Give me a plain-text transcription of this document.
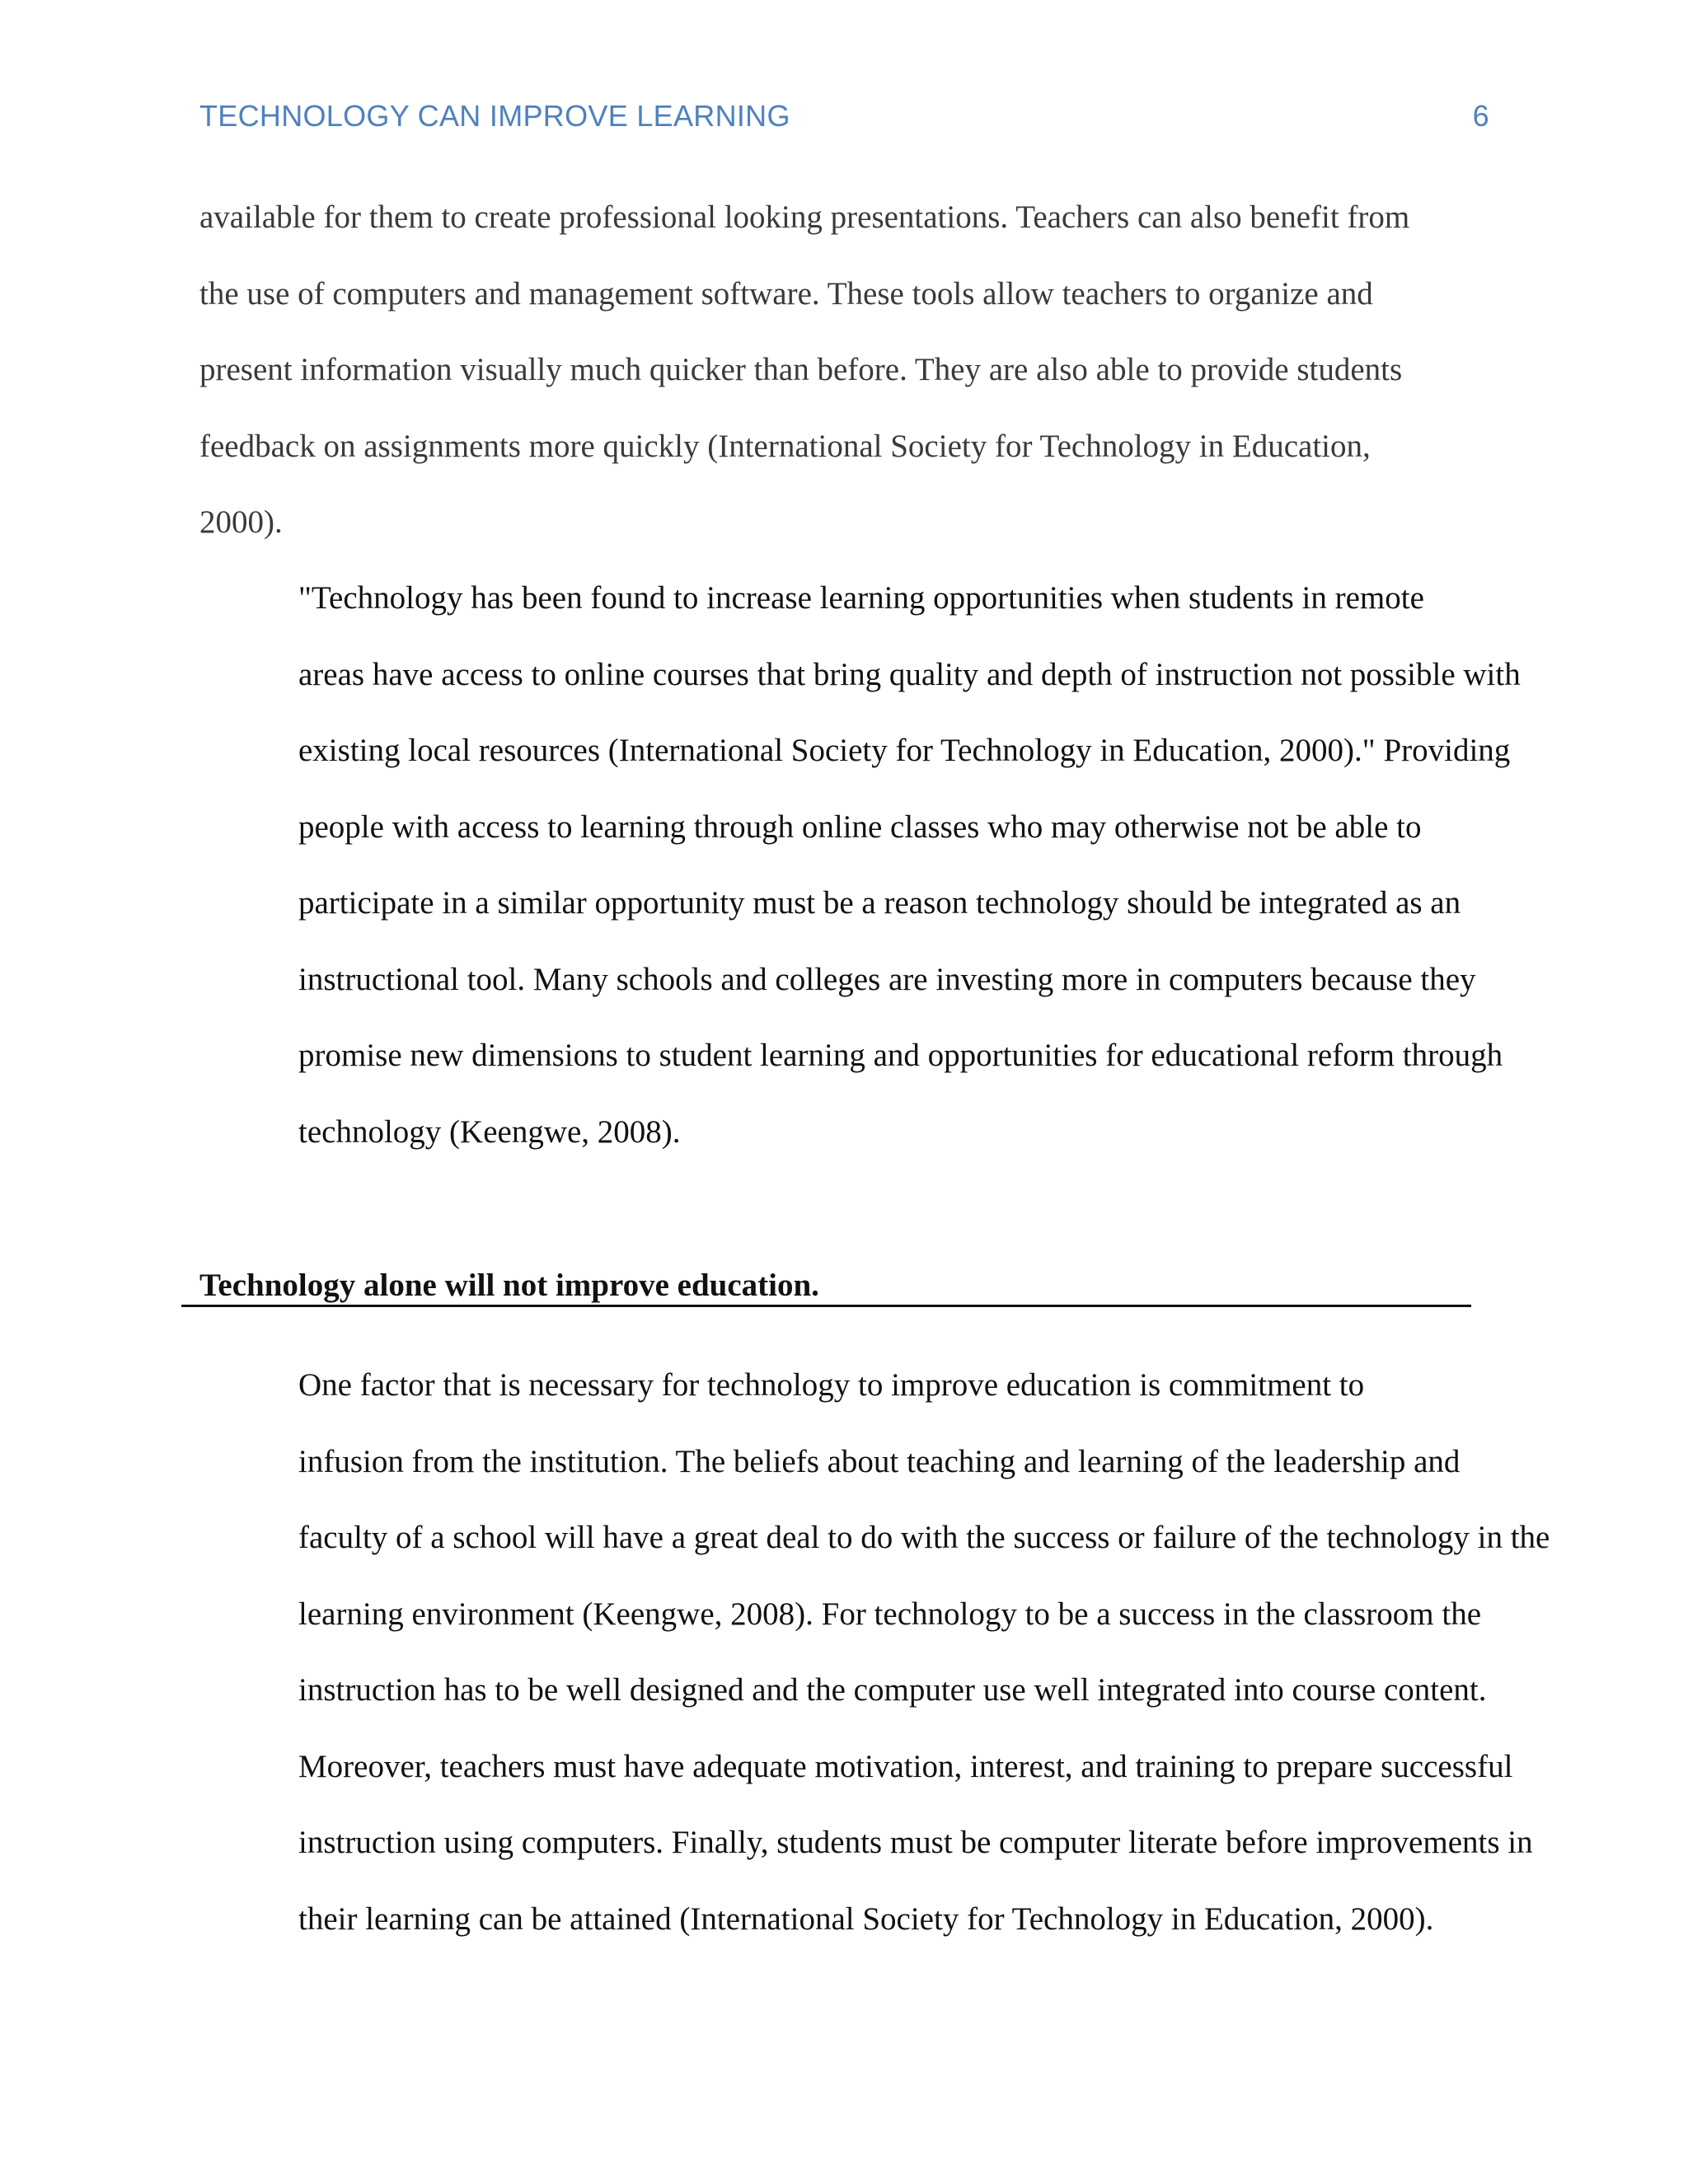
TECHNOLOGY CAN IMPROVE LEARNING	6

available for them to create professional looking presentations. Teachers can also benefit from
the use of computers and management software. These tools allow teachers to organize and
present information visually much quicker than before. They are also able to provide students
feedback on assignments more quickly (International Society for Technology in Education,
2000).

"Technology has been found to increase learning opportunities when students in remote
areas have access to online courses that bring quality and depth of instruction not possible with
existing local resources (International Society for Technology in Education, 2000)." Providing
people with access to learning through online classes who may otherwise not be able to
participate in a similar opportunity must be a reason technology should be integrated as an
instructional tool. Many schools and colleges are investing more in computers because they
promise new dimensions to student learning and opportunities for educational reform through
technology (Keengwe, 2008).

Technology alone will not improve education.

One factor that is necessary for technology to improve education is commitment to
infusion from the institution. The beliefs about teaching and learning of the leadership and
faculty of a school will have a great deal to do with the success or failure of the technology in the
learning environment (Keengwe, 2008). For technology to be a success in the classroom the
instruction has to be well designed and the computer use well integrated into course content.
Moreover, teachers must have adequate motivation, interest, and training to prepare successful
instruction using computers. Finally, students must be computer literate before improvements in
their learning can be attained (International Society for Technology in Education, 2000).
